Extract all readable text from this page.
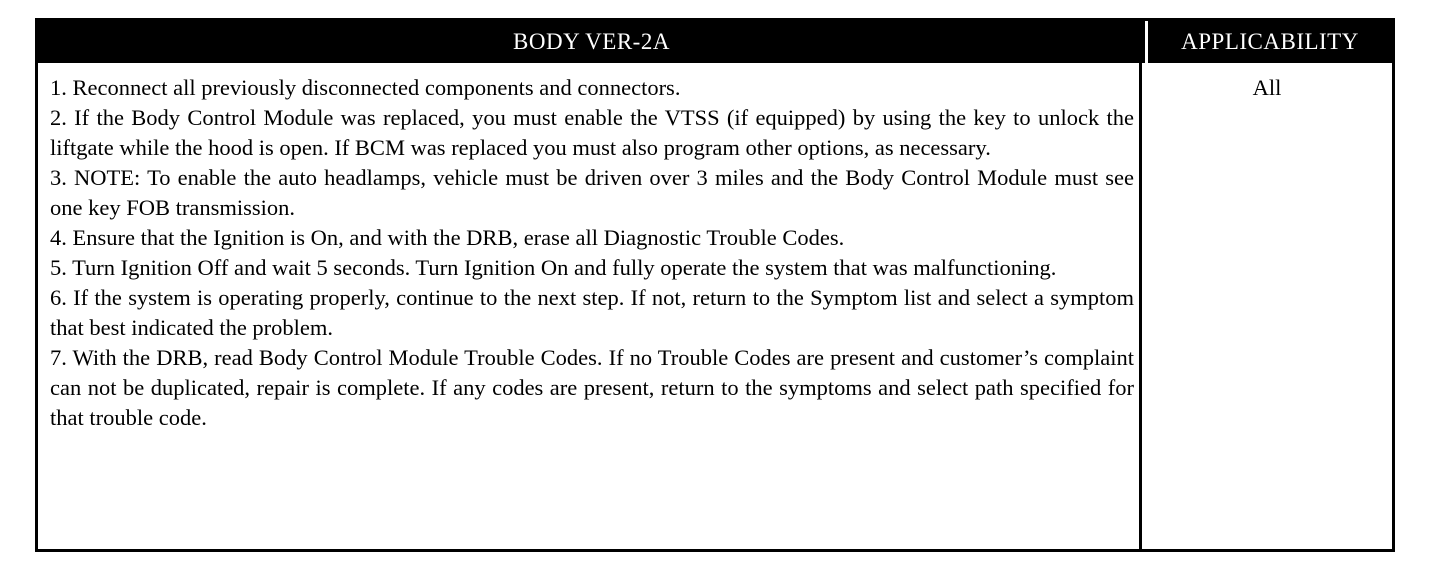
BODY VER-2A	APPLICABILITY

1. Reconnect all previously disconnected components and connectors.

2. If the Body Control Module was replaced, you must enable the VTSS (if equipped) by using the key to unlock the liftgate while the hood is open. If BCM was replaced you must also program other options, as necessary.

3. NOTE: To enable the auto headlamps, vehicle must be driven over 3 miles and the Body Control Module must see one key FOB transmission.

4. Ensure that the Ignition is On, and with the DRB, erase all Diagnostic Trouble Codes.

5. Turn Ignition Off and wait 5 seconds. Turn Ignition On and fully operate the system that was malfunctioning.

6. If the system is operating properly, continue to the next step. If not, return to the Symptom list and select a symptom that best indicated the problem.

7. With the DRB, read Body Control Module Trouble Codes. If no Trouble Codes are present and customer’s complaint can not be duplicated, repair is complete. If any codes are present, return to the symptoms and select path specified for that trouble code.

All
